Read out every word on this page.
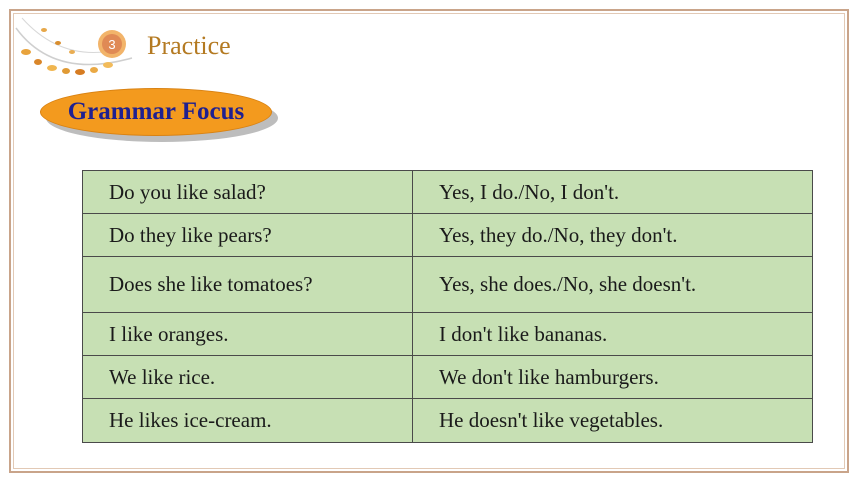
3 Practice
Grammar Focus
Do you like salad?	Yes, I do./No, I don't.
Do they like pears?	Yes, they do./No, they don't.
Does she like tomatoes?	Yes, she does./No, she doesn't.
I like oranges.	I don't like bananas.
We like rice.	We don't like hamburgers.
He likes ice-cream.	He doesn't like vegetables.
